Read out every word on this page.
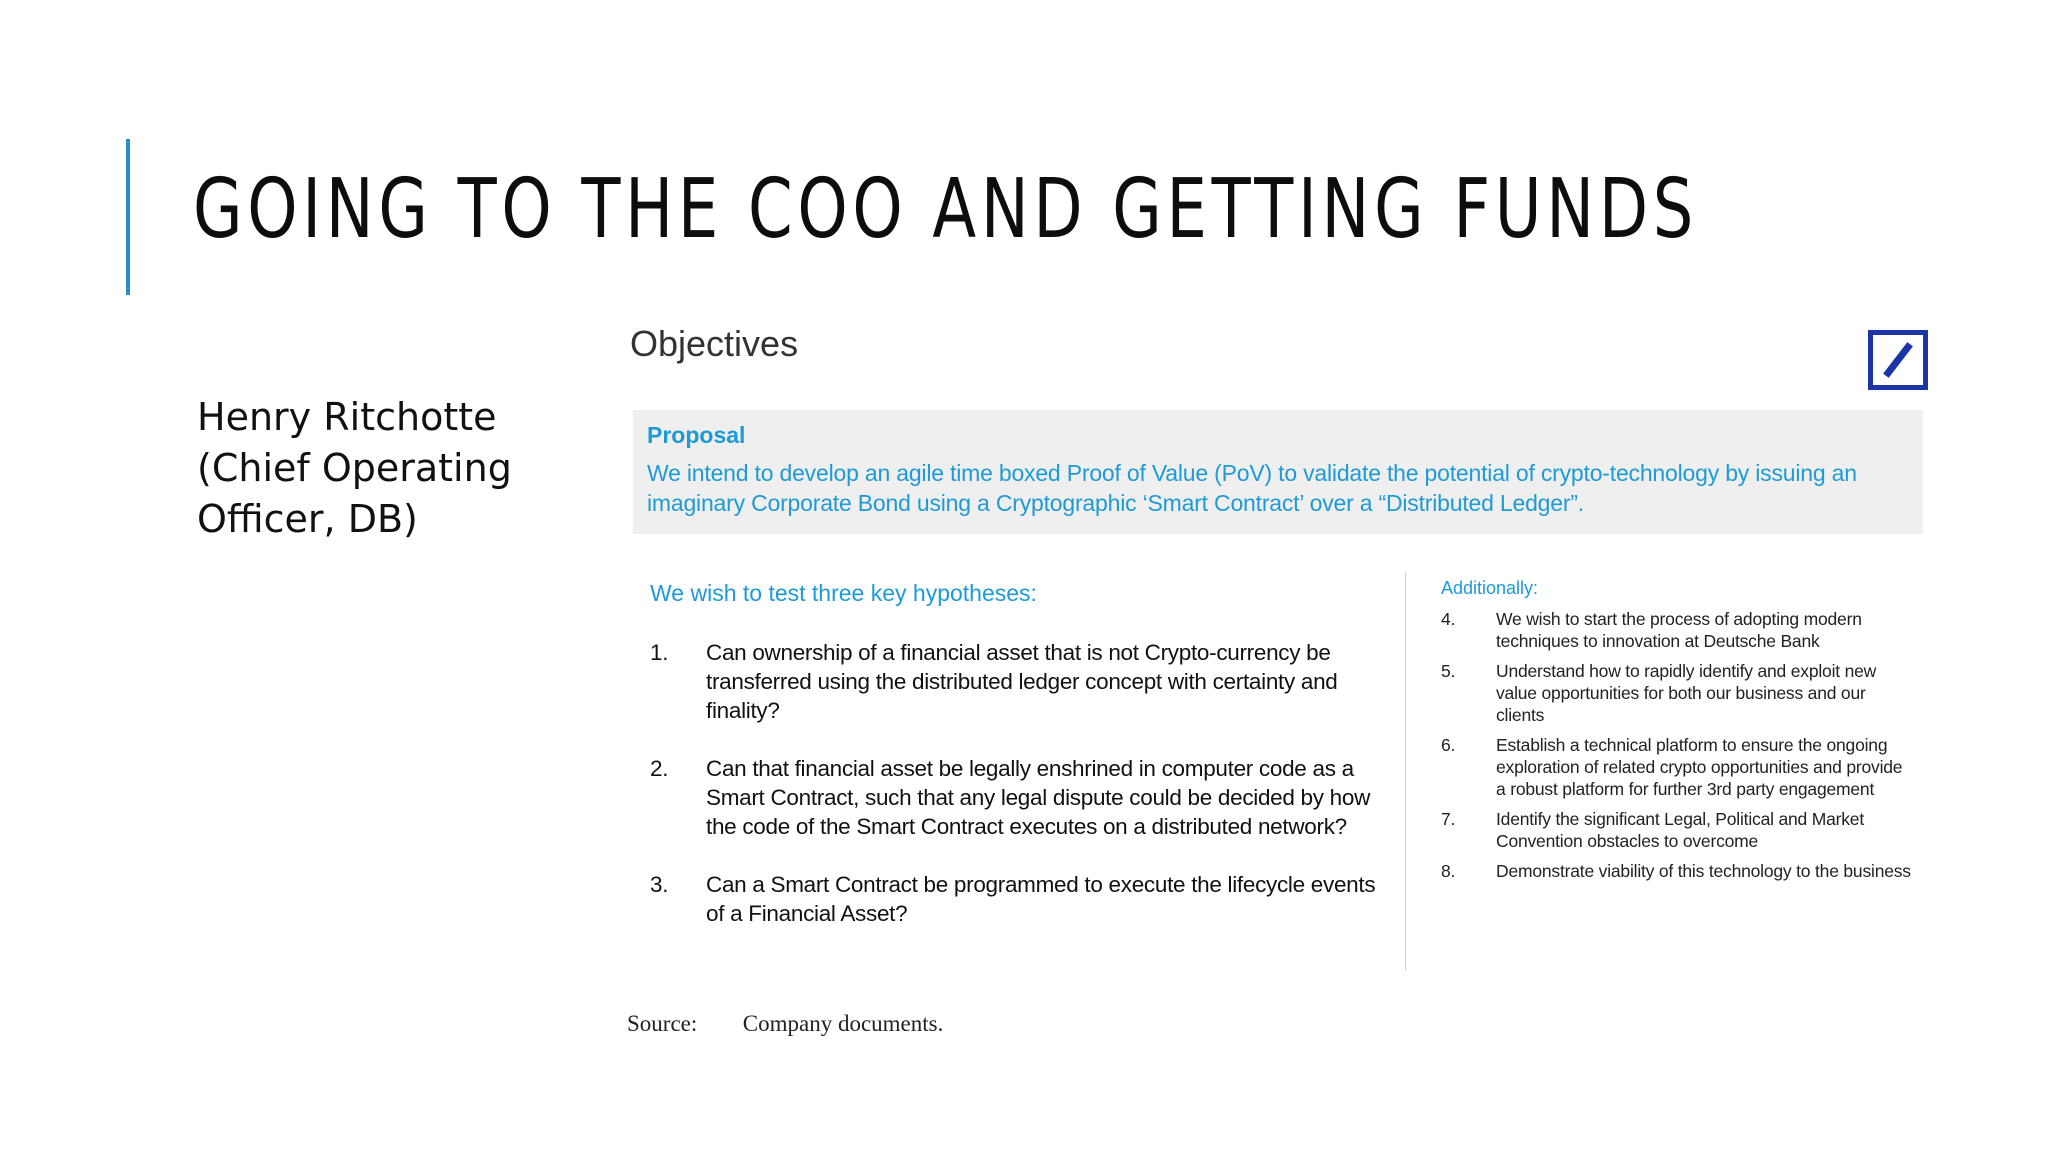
GOING TO THE COO AND GETTING FUNDS
Henry Ritchotte
(Chief Operating
Officer, DB)
Objectives
Proposal
We intend to develop an agile time boxed Proof of Value (PoV) to validate the potential of crypto-technology by issuing an imaginary Corporate Bond using a Cryptographic ‘Smart Contract’ over a “Distributed Ledger”.
We wish to test three key hypotheses:
1. Can ownership of a financial asset that is not Crypto-currency be transferred using the distributed ledger concept with certainty and finality?
2. Can that financial asset be legally enshrined in computer code as a Smart Contract, such that any legal dispute could be decided by how the code of the Smart Contract executes on a distributed network?
3. Can a Smart Contract be programmed to execute the lifecycle events of a Financial Asset?
Additionally:
4. We wish to start the process of adopting modern techniques to innovation at Deutsche Bank
5. Understand how to rapidly identify and exploit new value opportunities for both our business and our clients
6. Establish a technical platform to ensure the ongoing exploration of related crypto opportunities and provide a robust platform for further 3rd party engagement
7. Identify the significant Legal, Political and Market Convention obstacles to overcome
8. Demonstrate viability of this technology to the business
Source: Company documents.
